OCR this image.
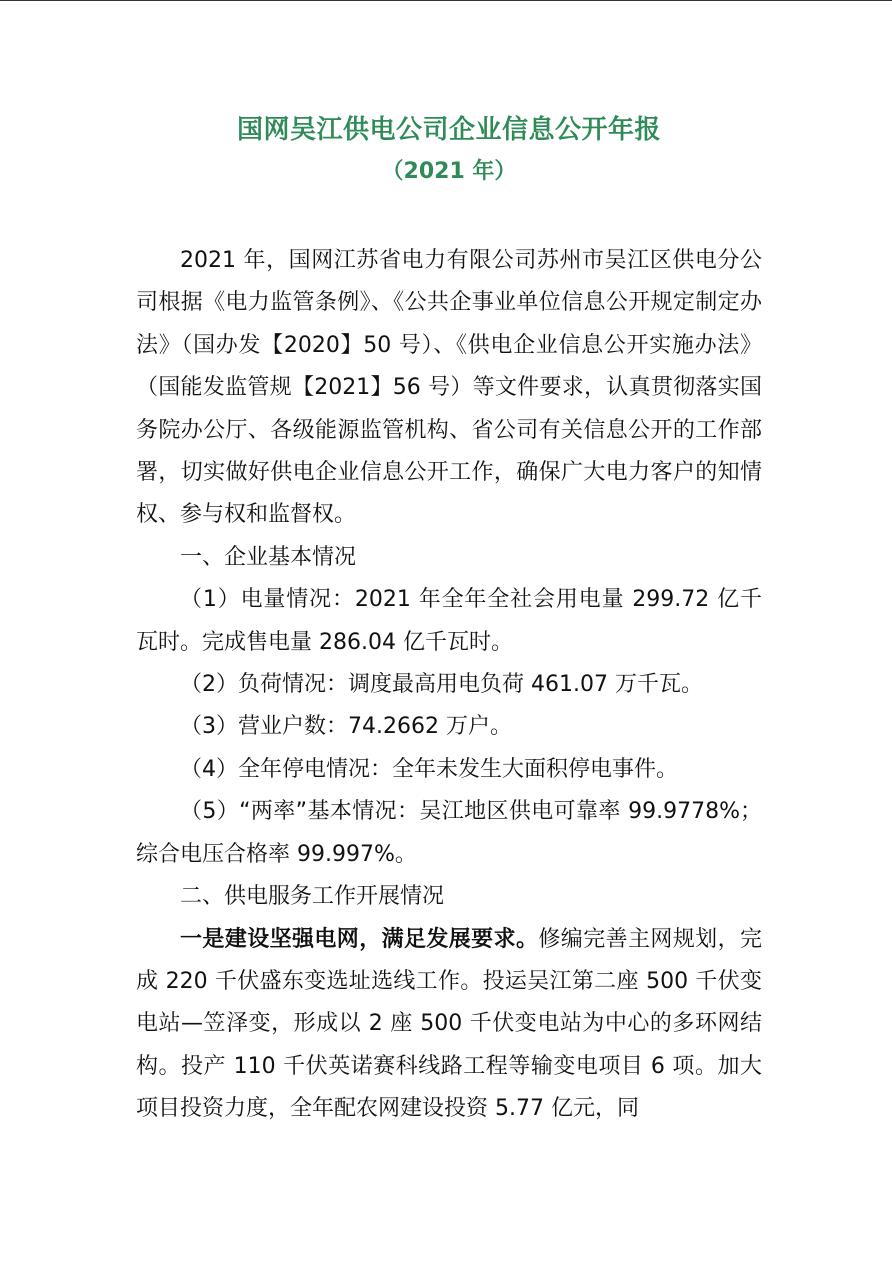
国网吴江供电公司企业信息公开年报
（2021 年）

2021 年，国网江苏省电力有限公司苏州市吴江区供电分公司根据《电力监管条例》、《公共企事业单位信息公开规定制定办法》（国办发【2020】50 号）、《供电企业信息公开实施办法》（国能发监管规【2021】56 号）等文件要求，认真贯彻落实国务院办公厅、各级能源监管机构、省公司有关信息公开的工作部署，切实做好供电企业信息公开工作，确保广大电力客户的知情权、参与权和监督权。

一、企业基本情况

（1）电量情况：2021 年全年全社会用电量 299.72 亿千瓦时。完成售电量 286.04 亿千瓦时。

（2）负荷情况：调度最高用电负荷 461.07 万千瓦。

（3）营业户数：74.2662 万户。

（4）全年停电情况：全年未发生大面积停电事件。

（5）“两率”基本情况：吴江地区供电可靠率 99.9778%；综合电压合格率 99.997%。

二、供电服务工作开展情况

一是建设坚强电网，满足发展要求。修编完善主网规划，完成 220 千伏盛东变选址选线工作。投运吴江第二座 500 千伏变电站—笠泽变，形成以 2 座 500 千伏变电站为中心的多环网结构。投产 110 千伏英诺赛科线路工程等输变电项目 6 项。加大项目投资力度，全年配农网建设投资 5.77 亿元，同
